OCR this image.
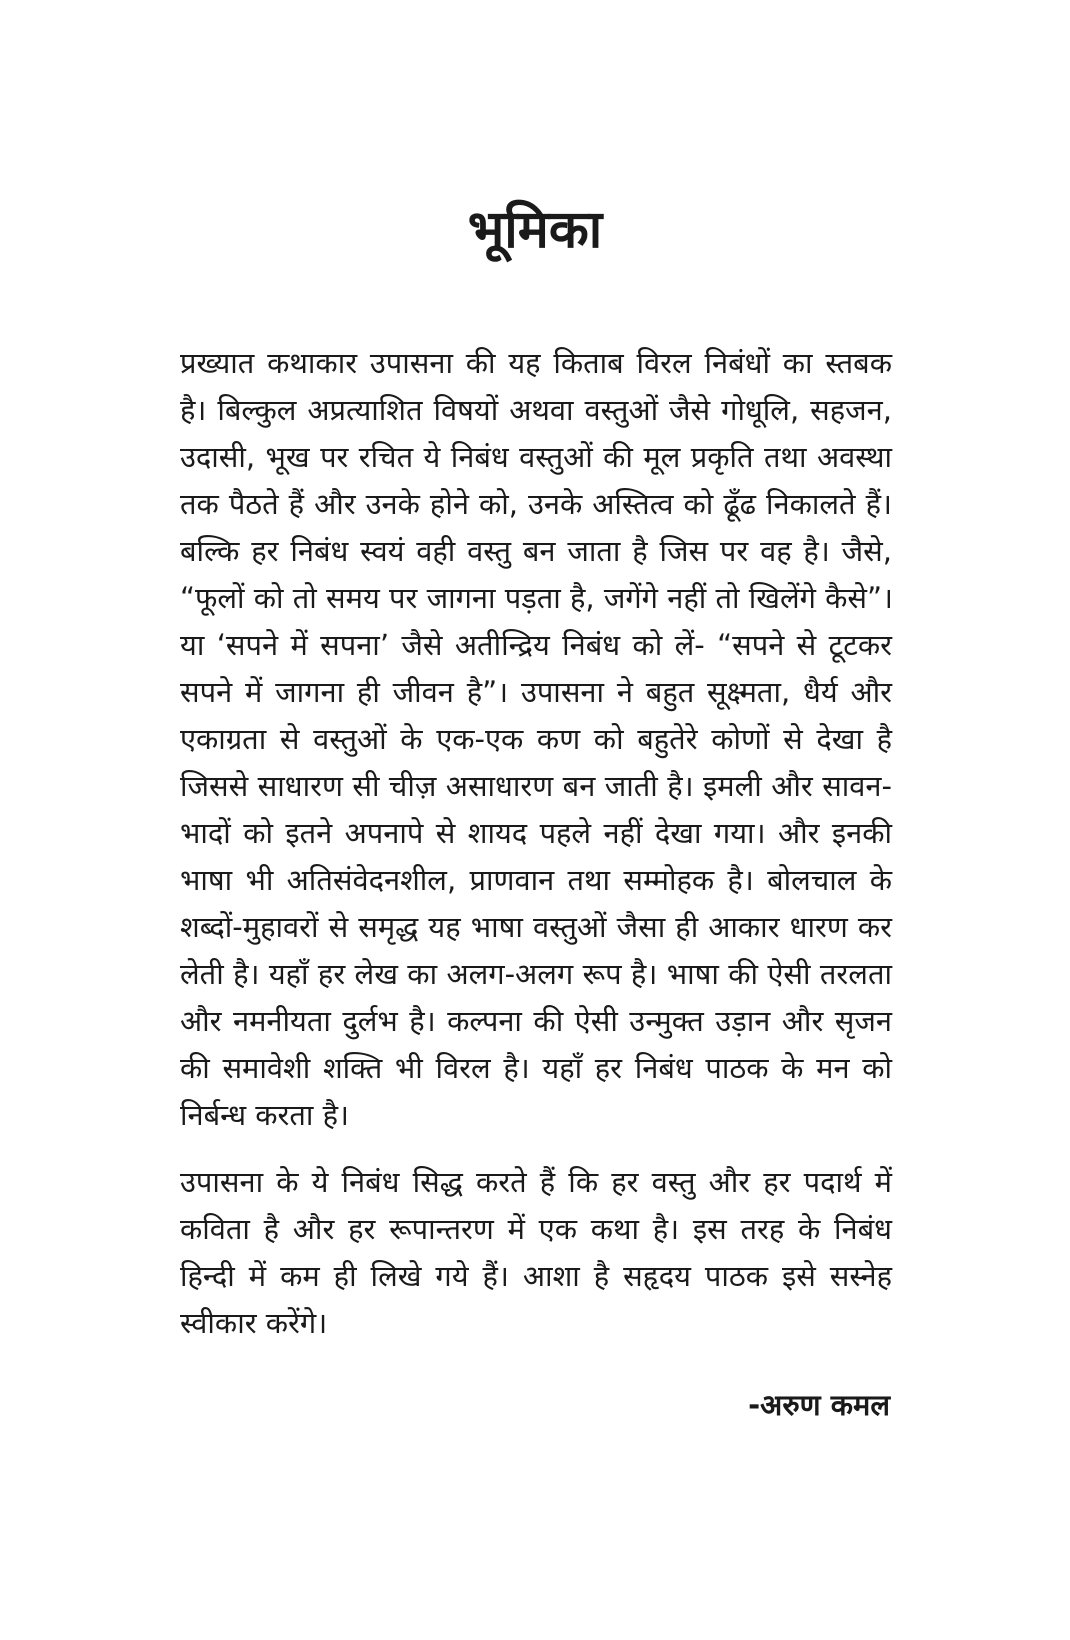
भूमिका

प्रख्यात कथाकार उपासना की यह किताब विरल निबंधों का स्तबक
है। बिल्कुल अप्रत्याशित विषयों अथवा वस्तुओं जैसे गोधूलि, सहजन,
उदासी, भूख पर रचित ये निबंध वस्तुओं की मूल प्रकृति तथा अवस्था
तक पैठते हैं और उनके होने को, उनके अस्तित्व को ढूँढ निकालते हैं।
बल्कि हर निबंध स्वयं वही वस्तु बन जाता है जिस पर वह है। जैसे,
“फूलों को तो समय पर जागना पड़ता है, जगेंगे नहीं तो खिलेंगे कैसे”।
या ‘सपने में सपना’ जैसे अतीन्द्रिय निबंध को लें- “सपने से टूटकर
सपने में जागना ही जीवन है”। उपासना ने बहुत सूक्ष्मता, धैर्य और
एकाग्रता से वस्तुओं के एक-एक कण को बहुतेरे कोणों से देखा है
जिससे साधारण सी चीज़ असाधारण बन जाती है। इमली और सावन-
भादों को इतने अपनापे से शायद पहले नहीं देखा गया। और इनकी
भाषा भी अतिसंवेदनशील, प्राणवान तथा सम्मोहक है। बोलचाल के
शब्दों-मुहावरों से समृद्ध यह भाषा वस्तुओं जैसा ही आकार धारण कर
लेती है। यहाँ हर लेख का अलग-अलग रूप है। भाषा की ऐसी तरलता
और नमनीयता दुर्लभ है। कल्पना की ऐसी उन्मुक्त उड़ान और सृजन
की समावेशी शक्ति भी विरल है। यहाँ हर निबंध पाठक के मन को
निर्बन्ध करता है।

उपासना के ये निबंध सिद्ध करते हैं कि हर वस्तु और हर पदार्थ में
कविता है और हर रूपान्तरण में एक कथा है। इस तरह के निबंध
हिन्दी में कम ही लिखे गये हैं। आशा है सहृदय पाठक इसे सस्नेह
स्वीकार करेंगे।

-अरुण कमल
